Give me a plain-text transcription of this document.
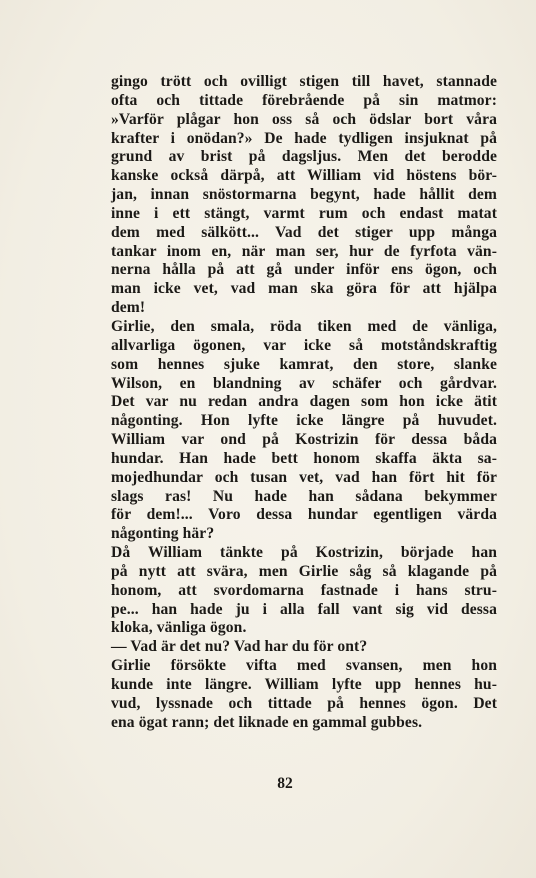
gingo trött och ovilligt stigen till havet, stannade
ofta och tittade förebrående på sin matmor:
»Varför plågar hon oss så och ödslar bort våra
krafter i onödan?» De hade tydligen insjuknat på
grund av brist på dagsljus. Men det berodde
kanske också därpå, att William vid höstens bör-
jan, innan snöstormarna begynt, hade hållit dem
inne i ett stängt, varmt rum och endast matat
dem med sälkött... Vad det stiger upp många
tankar inom en, när man ser, hur de fyrfota vän-
nerna hålla på att gå under inför ens ögon, och
man icke vet, vad man ska göra för att hjälpa
dem!
Girlie, den smala, röda tiken med de vänliga,
allvarliga ögonen, var icke så motståndskraftig
som hennes sjuke kamrat, den store, slanke
Wilson, en blandning av schäfer och gårdvar.
Det var nu redan andra dagen som hon icke ätit
någonting. Hon lyfte icke längre på huvudet.
William var ond på Kostrizin för dessa båda
hundar. Han hade bett honom skaffa äkta sa-
mojedhundar och tusan vet, vad han fört hit för
slags ras! Nu hade han sådana bekymmer
för dem!... Voro dessa hundar egentligen värda
någonting här?
Då William tänkte på Kostrizin, började han
på nytt att svära, men Girlie såg så klagande på
honom, att svordomarna fastnade i hans stru-
pe... han hade ju i alla fall vant sig vid dessa
kloka, vänliga ögon.
— Vad är det nu? Vad har du för ont?
Girlie försökte vifta med svansen, men hon
kunde inte längre. William lyfte upp hennes hu-
vud, lyssnade och tittade på hennes ögon. Det
ena ögat rann; det liknade en gammal gubbes.
82
